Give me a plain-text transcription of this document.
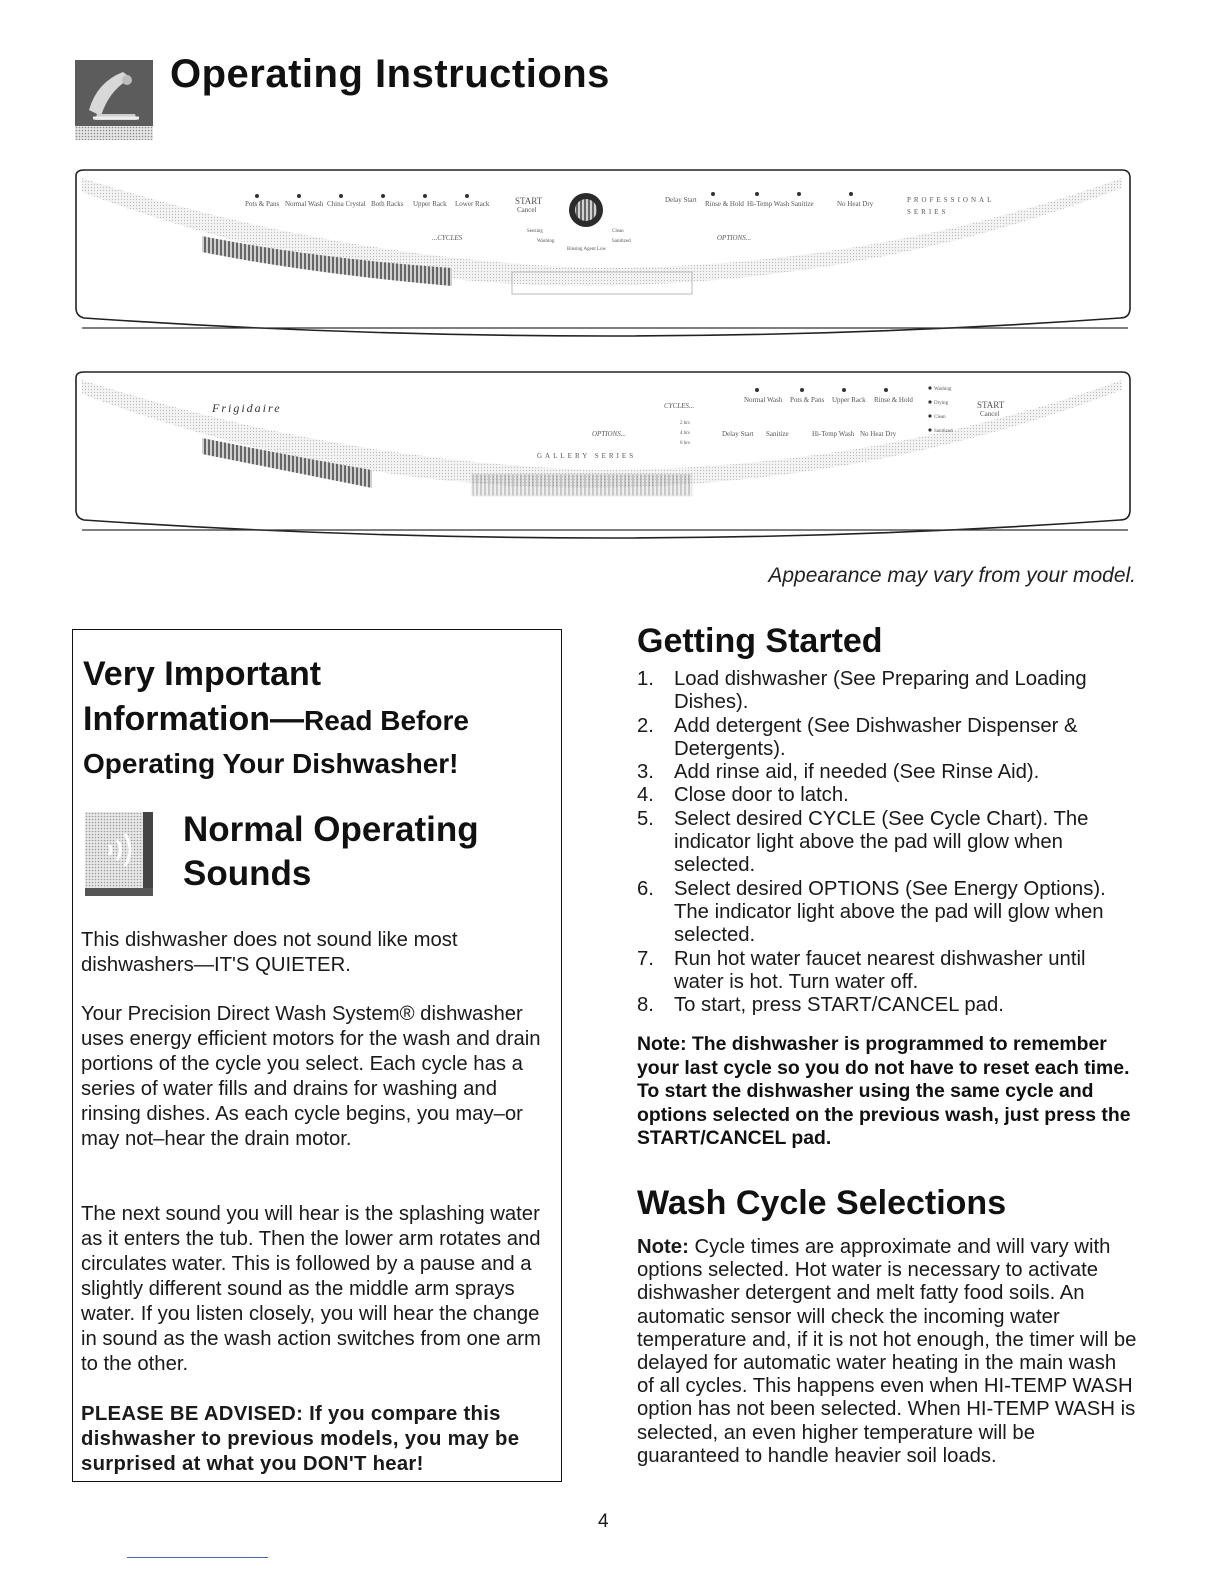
Operating Instructions
Pots & Pans Normal Wash China Crystal Both Racks Upper Rack Lower Rack	START
Cancel
...CYCLES
Delay Start Rinse & Hold Hi-Temp Wash Sanitize	No Heat Dry
OPTIONS...
PROFESSIONAL
SERIES
Sensing
Washing
Rinsing Agent Low
Clean
Sanitized
Frigidaire	CYCLES...
Normal Wash Pots & Pans Upper Rack Rinse & Hold
OPTIONS...
2 hrs
4 hrs
6 hrs
Delay Start Sanitize	Hi-Temp Wash No Heat Dry
GALLERY SERIES
Washing
Drying
Clean
Sanitized
START
Cancel
Appearance may vary from your model.
Very Important
Information—Read Before
Operating Your Dishwasher!
Normal Operating Sounds

This dishwasher does not sound like most dishwashers—IT'S QUIETER.

Your Precision Direct Wash System® dishwasher uses energy efficient motors for the wash and drain portions of the cycle you select. Each cycle has a series of water fills and drains for washing and rinsing dishes. As each cycle begins, you may–or may not–hear the drain motor.

The next sound you will hear is the splashing water as it enters the tub. Then the lower arm rotates and circulates water. This is followed by a pause and a slightly different sound as the middle arm sprays water. If you listen closely, you will hear the change in sound as the wash action switches from one arm to the other.

PLEASE BE ADVISED: If you compare this dishwasher to previous models, you may be surprised at what you DON'T hear!

Getting Started
1. Load dishwasher (See Preparing and Loading Dishes).
2. Add detergent (See Dishwasher Dispenser & Detergents).
3. Add rinse aid, if needed (See Rinse Aid).
4. Close door to latch.
5. Select desired CYCLE (See Cycle Chart). The indicator light above the pad will glow when selected.
6. Select desired OPTIONS (See Energy Options). The indicator light above the pad will glow when selected.
7. Run hot water faucet nearest dishwasher until water is hot. Turn water off.
8. To start, press START/CANCEL pad.

Note: The dishwasher is programmed to remember your last cycle so you do not have to reset each time. To start the dishwasher using the same cycle and options selected on the previous wash, just press the START/CANCEL pad.

Wash Cycle Selections

Note: Cycle times are approximate and will vary with options selected. Hot water is necessary to activate dishwasher detergent and melt fatty food soils. An automatic sensor will check the incoming water temperature and, if it is not hot enough, the timer will be delayed for automatic water heating in the main wash of all cycles. This happens even when HI-TEMP WASH option has not been selected. When HI-TEMP WASH is selected, an even higher temperature will be guaranteed to handle heavier soil loads.

4
